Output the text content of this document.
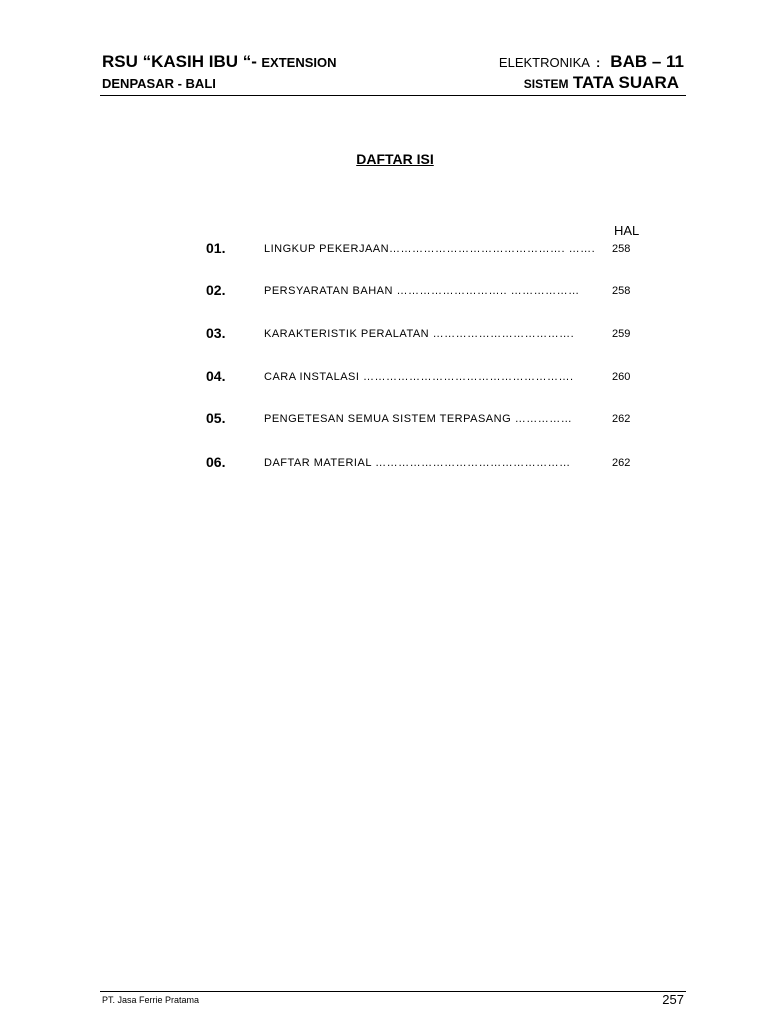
RSU “KASIH IBU “- EXTENSION
DENPASAR - BALI
ELEKTRONIKA : BAB – 11
SISTEM TATA SUARA
DAFTAR ISI
HAL
01.	LINGKUP PEKERJAAN………………………………………. ……. 258
02.	PERSYARATAN BAHAN ……………………….. ………………	258
03.	KARAKTERISTIK PERALATAN ……………………………….	259
04.	CARA INSTALASI ……………………………………………….	260
05.	PENGETESAN SEMUA SISTEM TERPASANG ……………	262
06.	DAFTAR MATERIAL ……………………………………………	262
PT. Jasa Ferrie Pratama	257
